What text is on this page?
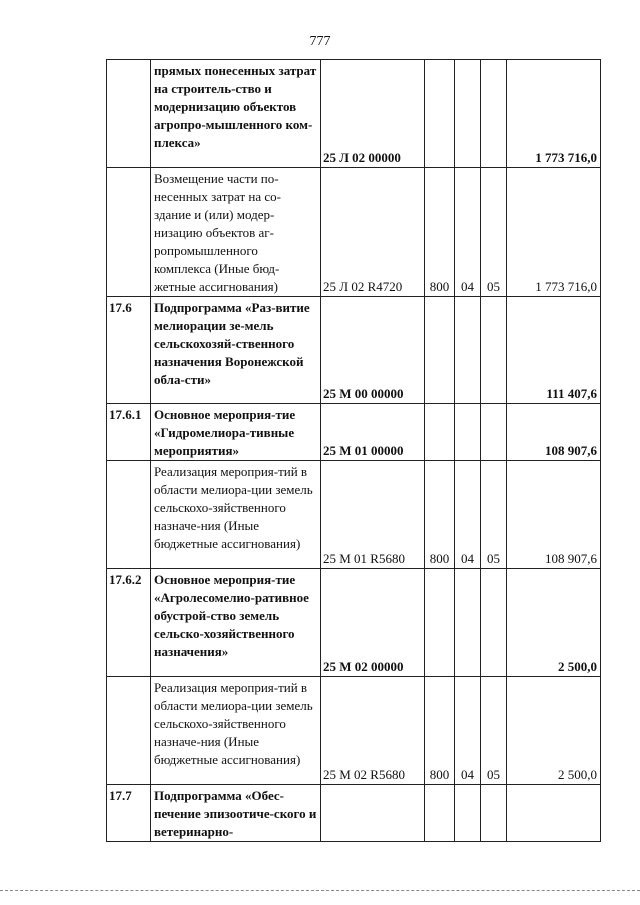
777
	прямых понесенных затрат на строитель-ство и модернизацию объектов агропро-мышленного ком-плекса»	25 Л 02 00000				1 773 716,0
	Возмещение части по-несенных затрат на со-здание и (или) модер-низацию объектов аг-ропромышленного комплекса (Иные бюд-жетные ассигнования)	25 Л 02 R4720	800	04	05	1 773 716,0
17.6	Подпрограмма «Раз-витие мелиорации зе-мель сельскохозяй-ственного назначения Воронежской обла-сти»	25 М 00 00000				111 407,6
17.6.1	Основное мероприя-тие «Гидромелиора-тивные мероприятия»	25 М 01 00000				108 907,6
	Реализация мероприя-тий в области мелиора-ции земель сельскохо-зяйственного назначе-ния (Иные бюджетные ассигнования)	25 М 01 R5680	800	04	05	108 907,6
17.6.2	Основное мероприя-тие «Агролесомелио-ративное обустрой-ство земель сельско-хозяйственного назначения»	25 М 02 00000				2 500,0
	Реализация мероприя-тий в области мелиора-ции земель сельскохо-зяйственного назначе-ния (Иные бюджетные ассигнования)	25 М 02 R5680	800	04	05	2 500,0
17.7	Подпрограмма «Обес-печение эпизоотиче-ского и ветеринарно-					
